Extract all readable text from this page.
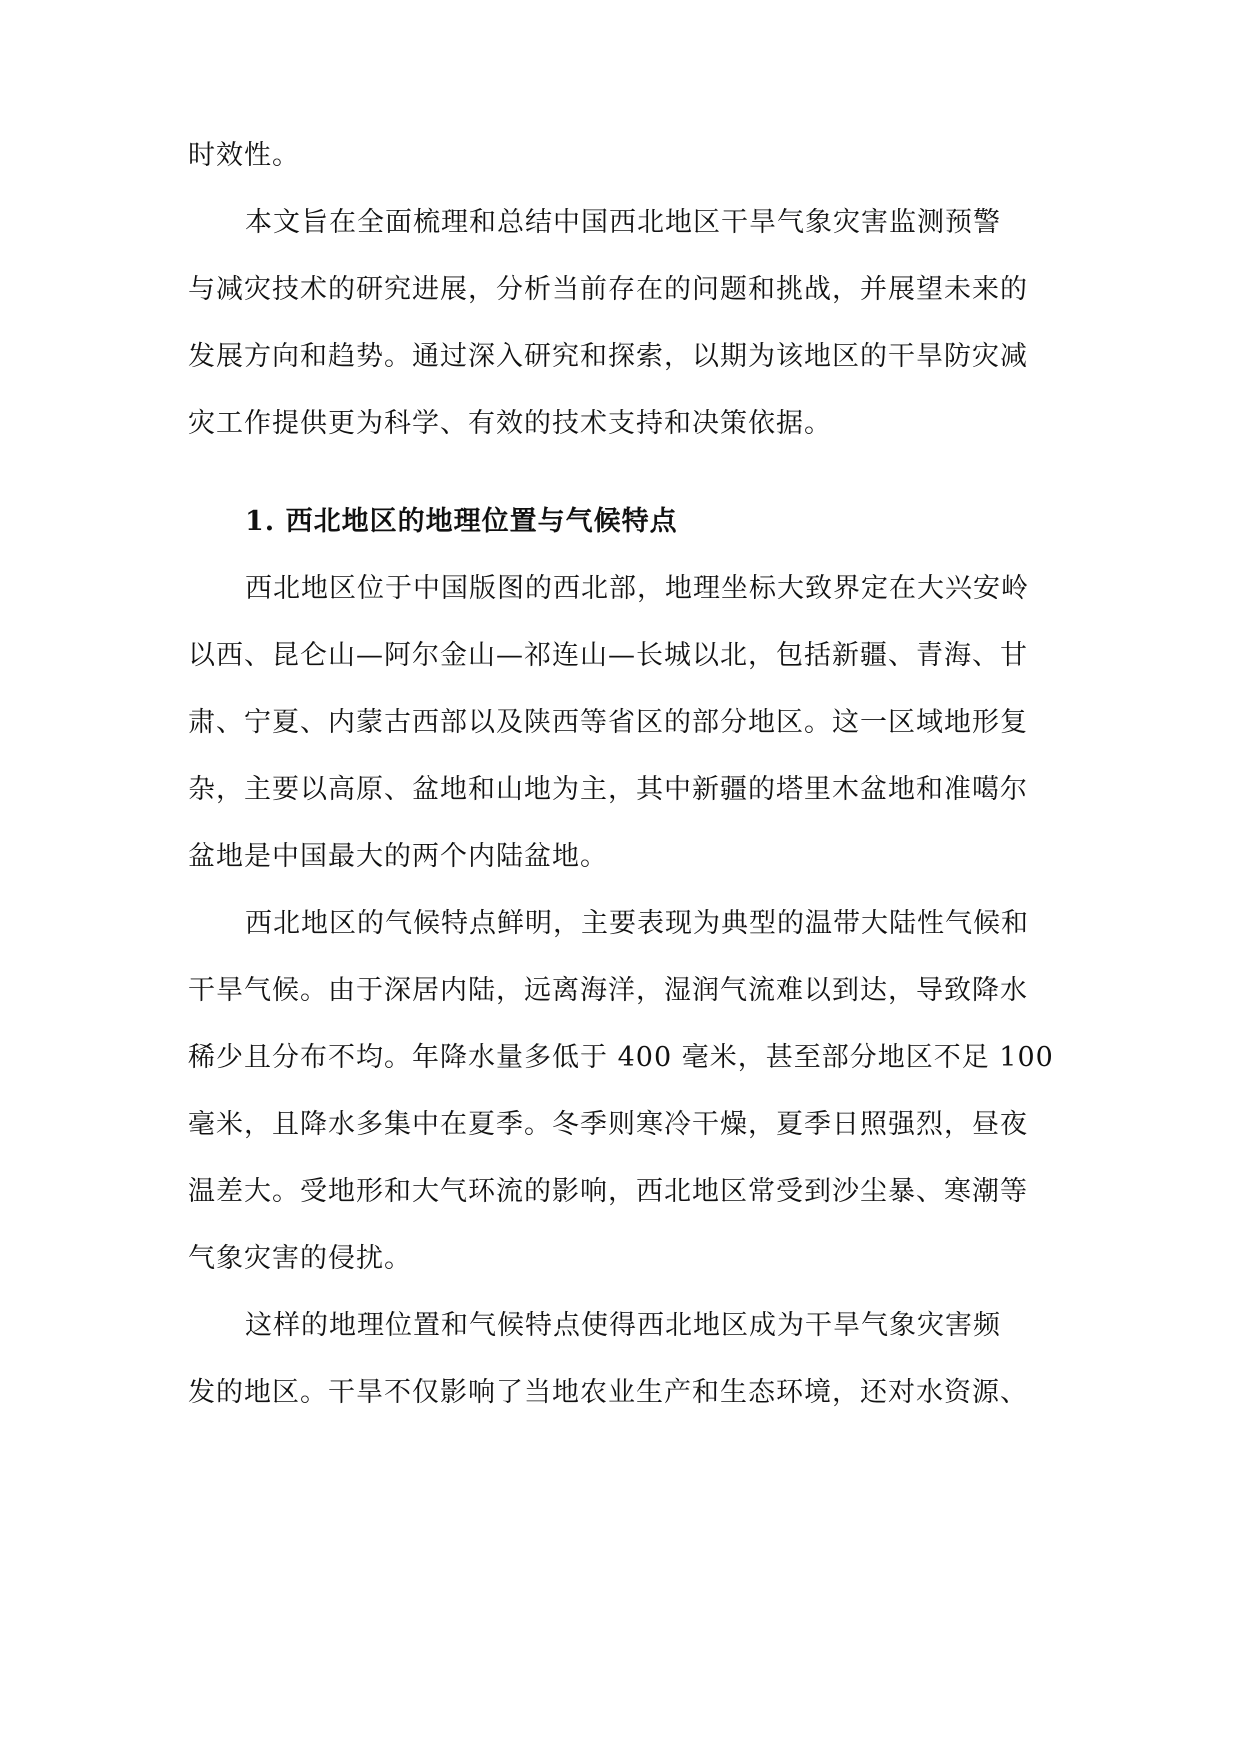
时效性。
本文旨在全面梳理和总结中国西北地区干旱气象灾害监测预警
与减灾技术的研究进展，分析当前存在的问题和挑战，并展望未来的
发展方向和趋势。通过深入研究和探索，以期为该地区的干旱防灾减
灾工作提供更为科学、有效的技术支持和决策依据。
1. 西北地区的地理位置与气候特点
西北地区位于中国版图的西北部，地理坐标大致界定在大兴安岭
以西、昆仑山—阿尔金山—祁连山—长城以北，包括新疆、青海、甘
肃、宁夏、内蒙古西部以及陕西等省区的部分地区。这一区域地形复
杂，主要以高原、盆地和山地为主，其中新疆的塔里木盆地和准噶尔
盆地是中国最大的两个内陆盆地。
西北地区的气候特点鲜明，主要表现为典型的温带大陆性气候和
干旱气候。由于深居内陆，远离海洋，湿润气流难以到达，导致降水
稀少且分布不均。年降水量多低于 400 毫米，甚至部分地区不足 100
毫米，且降水多集中在夏季。冬季则寒冷干燥，夏季日照强烈，昼夜
温差大。受地形和大气环流的影响，西北地区常受到沙尘暴、寒潮等
气象灾害的侵扰。
这样的地理位置和气候特点使得西北地区成为干旱气象灾害频
发的地区。干旱不仅影响了当地农业生产和生态环境，还对水资源、
